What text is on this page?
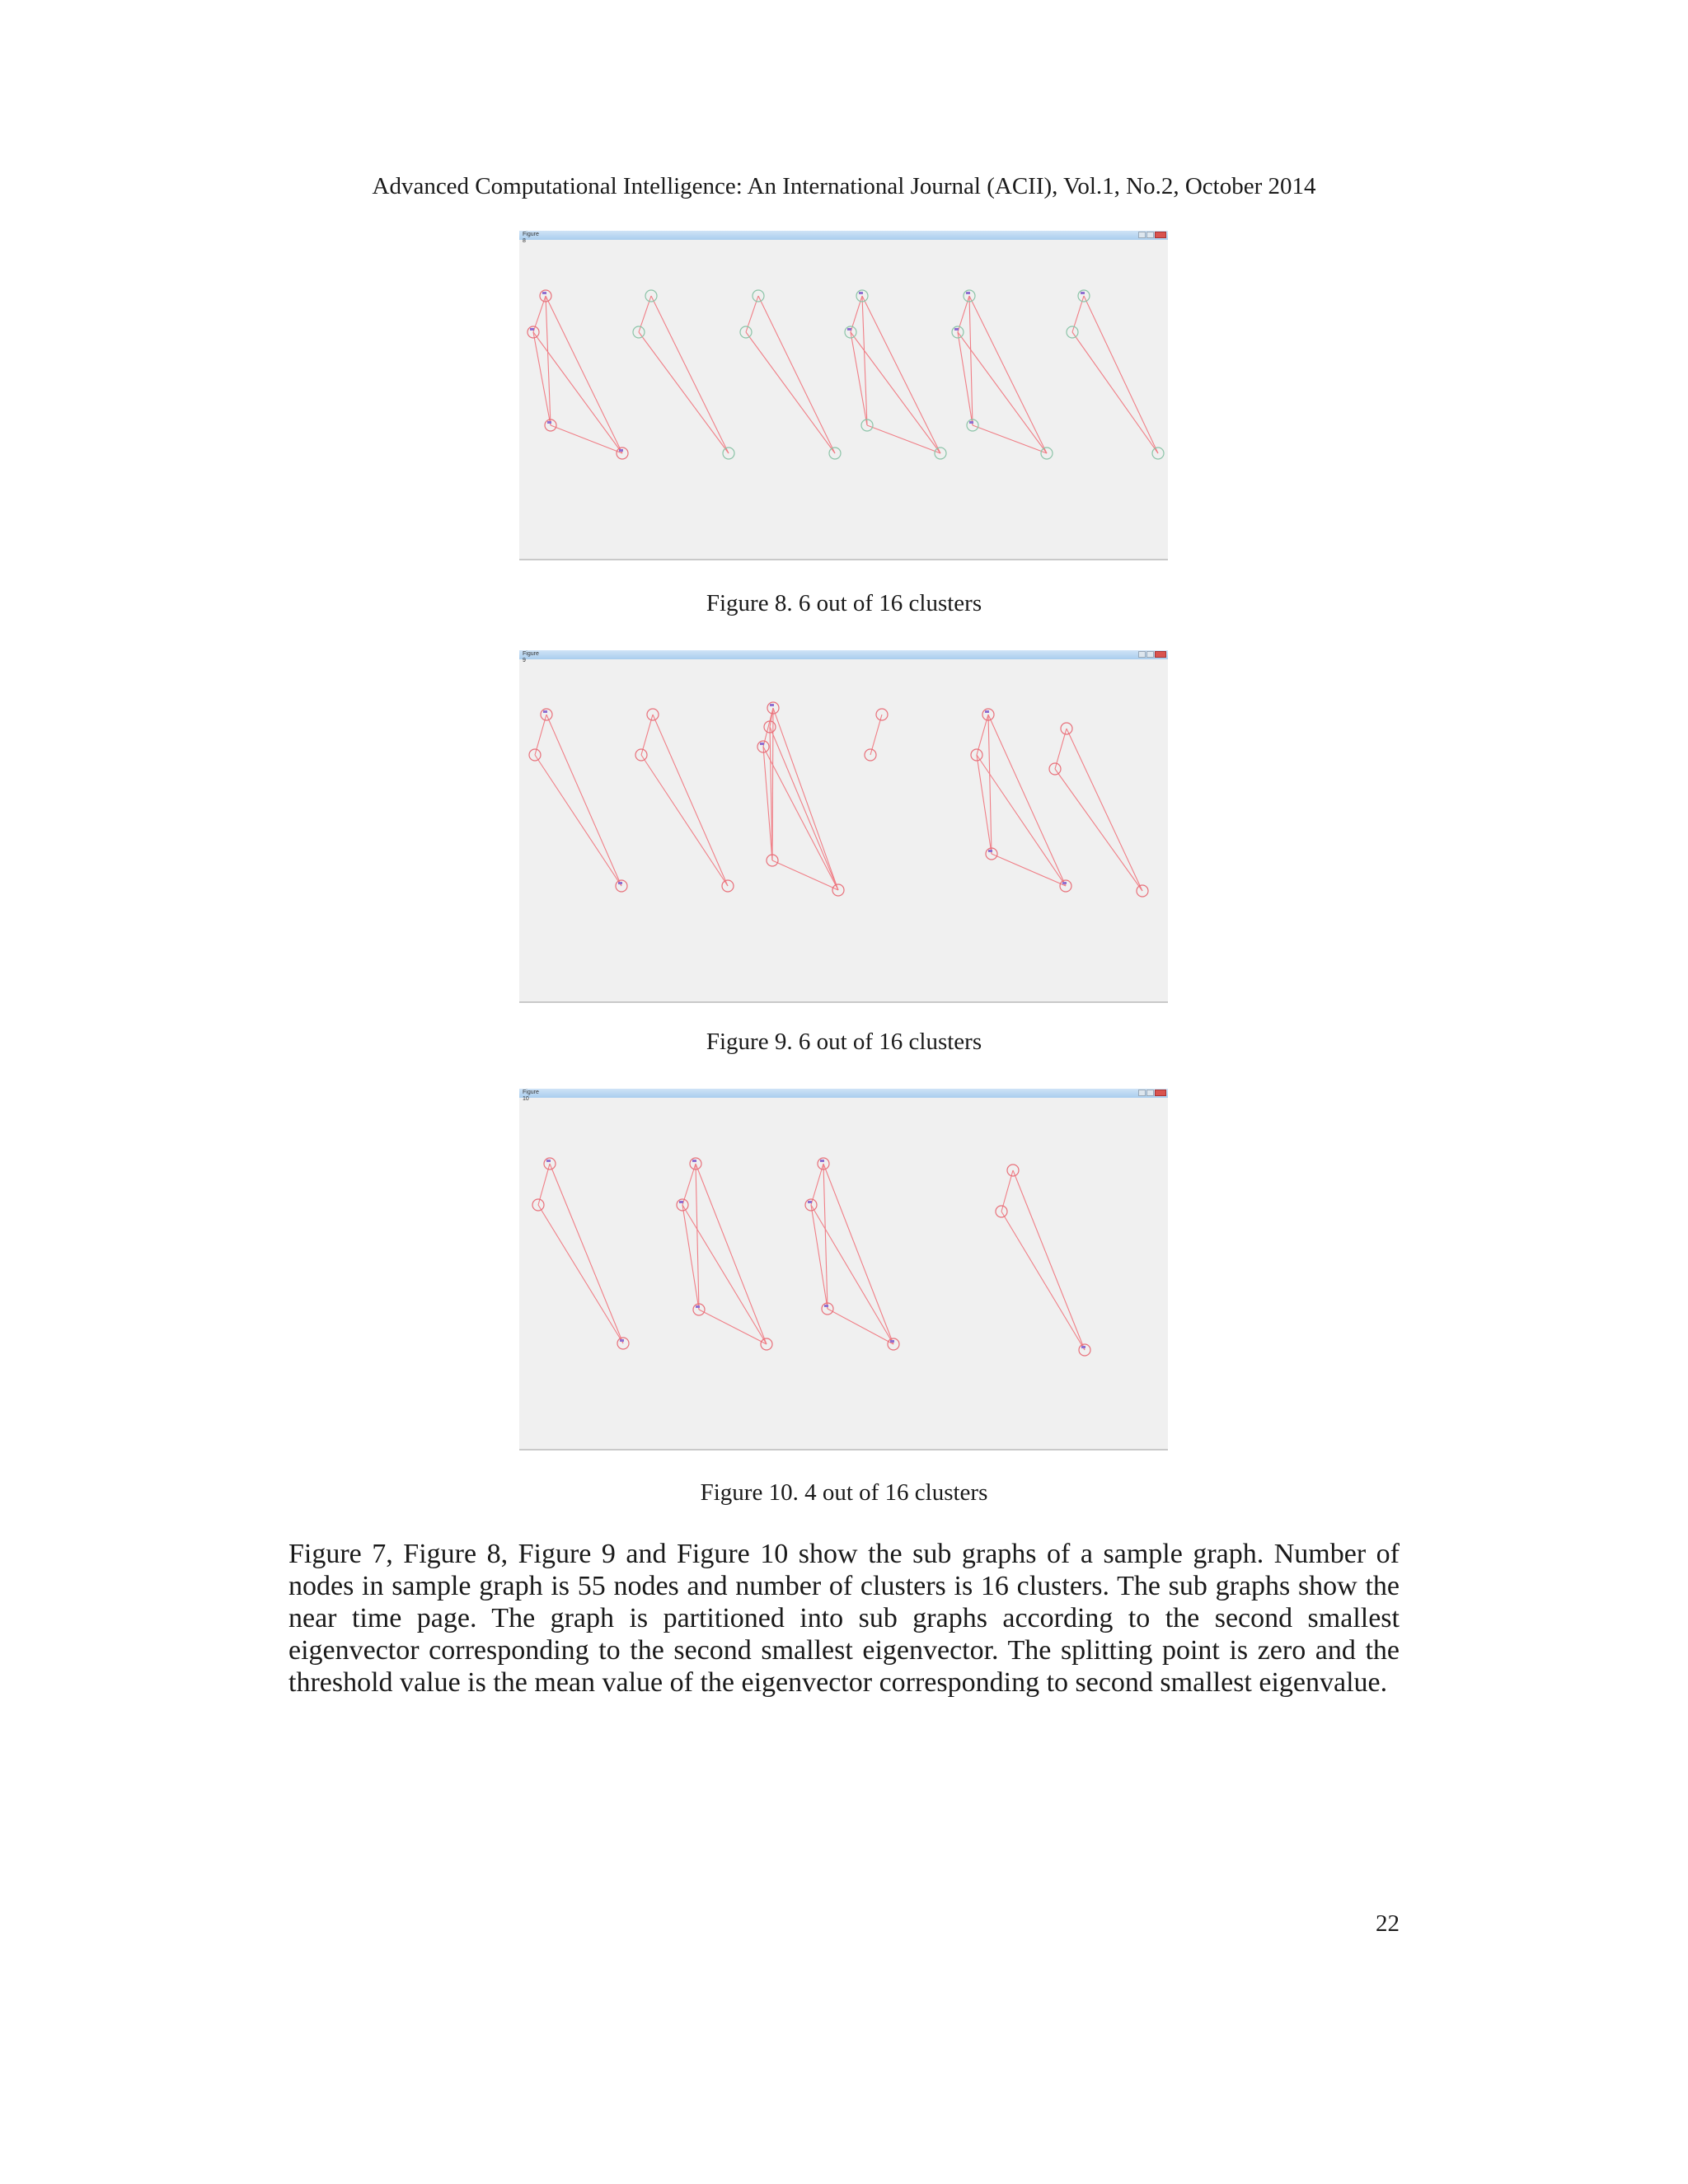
Advanced Computational Intelligence: An International Journal (ACII), Vol.1, No.2, October 2014
Figure 8
Figure 8. 6 out of 16 clusters
Figure 9
Figure 9. 6 out of 16 clusters
Figure 10
Figure 10. 4 out of 16 clusters
Figure 7, Figure 8, Figure 9 and Figure 10 show the sub graphs of a sample graph. Number of nodes in sample graph is 55 nodes and number of clusters is 16 clusters. The sub graphs show the near time page. The graph is partitioned into sub graphs according to the second smallest eigenvector corresponding to the second smallest eigenvector. The splitting point is zero and the threshold value is the mean value of the eigenvector corresponding to second smallest eigenvalue.
22
